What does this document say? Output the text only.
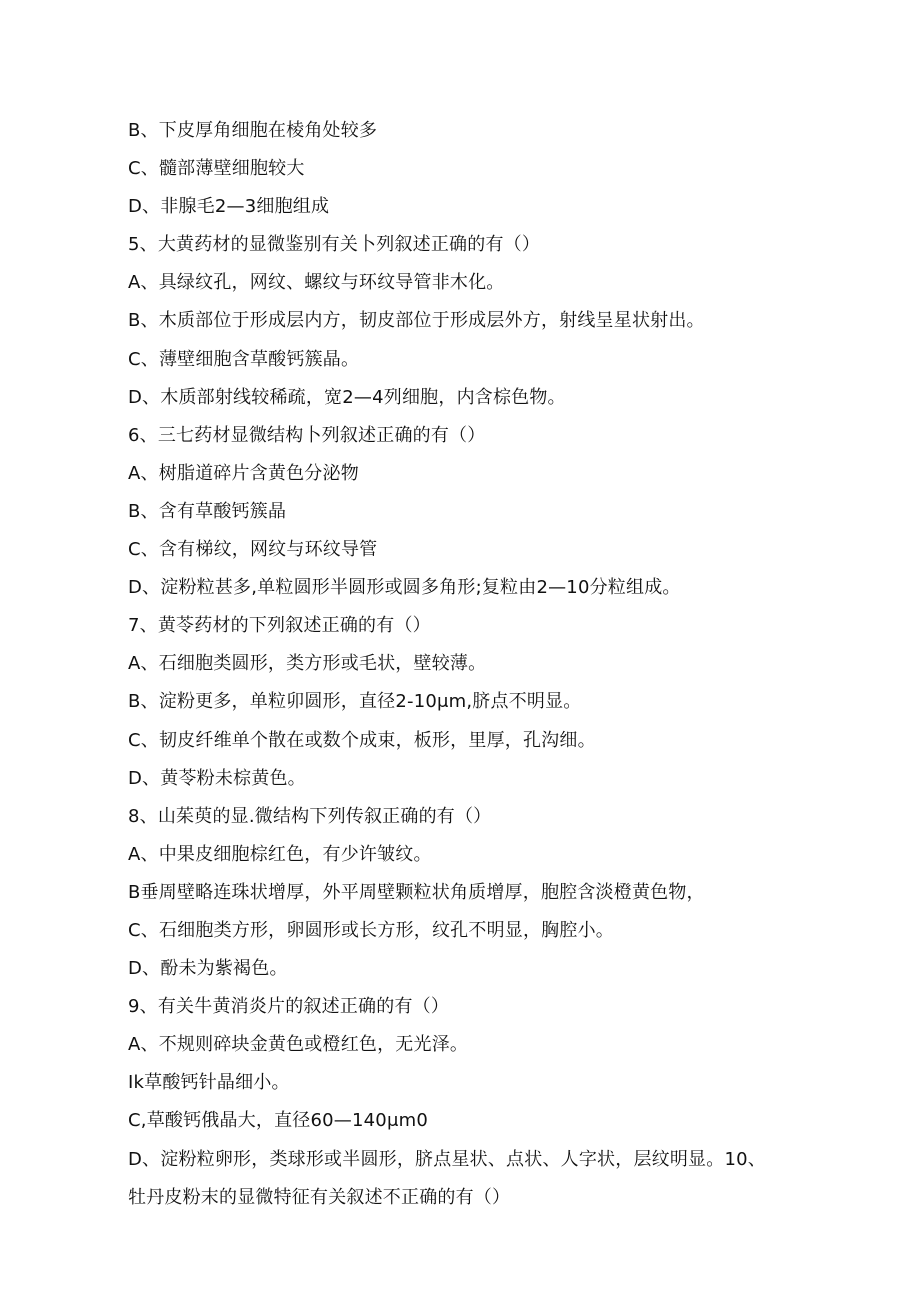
B、下皮厚角细胞在棱角处较多
C、髓部薄壁细胞较大
D、非腺毛2—3细胞组成
5、大黄药材的显微鉴别有关卜列叙述正确的有（）
A、具绿纹孔，网纹、螺纹与环纹导管非木化。
B、木质部位于形成层内方，韧皮部位于形成层外方，射线呈星状射出。
C、薄壁细胞含草酸钙簇晶。
D、木质部射线较稀疏，宽2—4列细胞，内含棕色物。
6、三七药材显微结构卜列叙述正确的有（）
A、树脂道碎片含黄色分泌物
B、含有草酸钙簇晶
C、含有梯纹，网纹与环纹导管
D、淀粉粒甚多,单粒圆形半圆形或圆多角形;复粒由2—10分粒组成。
7、黄苓药材的下列叙述正确的有（）
A、石细胞类圆形，类方形或毛状，壁较薄。
B、淀粉更多，单粒卯圆形，直径2-10μm,脐点不明显。
C、韧皮纤维单个散在或数个成束，板形，里厚，孔沟细。
D、黄苓粉未棕黄色。
8、山茱萸的显.微结构下列传叙正确的有（）
A、中果皮细胞棕红色，有少许皱纹。
B垂周壁略连珠状增厚，外平周壁颗粒状角质增厚，胞腔含淡橙黄色物，
C、石细胞类方形，卵圆形或长方形，纹孔不明显，胸腔小。
D、酚未为紫褐色。
9、有关牛黄消炎片的叙述正确的有（）
A、不规则碎块金黄色或橙红色，无光泽。
Ik草酸钙针晶细小。
C,草酸钙俄晶大，直径60—140μm0
D、淀粉粒卵形，类球形或半圆形，脐点星状、点状、人字状，层纹明显。10、
牡丹皮粉末的显微特征有关叙述不正确的有（）
